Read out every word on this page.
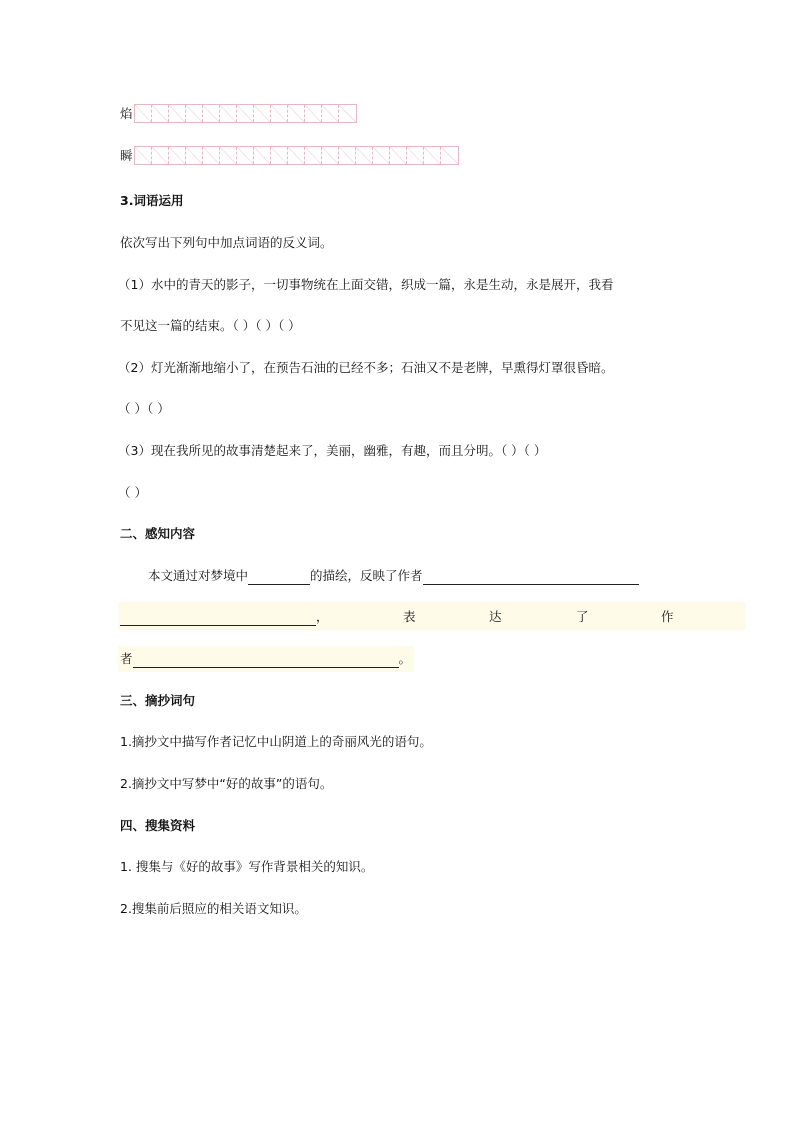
焰
瞬
3.词语运用
依次写出下列句中加点词语的反义词。
（1）水中的青天的影子，一切事物统在上面交错，织成一篇，永是生动，永是展开，我看
不见这一篇的结束。（ ）（ ）（ ）
（2）灯光渐渐地缩小了，在预告石油的已经不多；石油又不是老牌，早熏得灯罩很昏暗。
（ ）（ ）
（3）现在我所见的故事清楚起来了，美丽，幽雅，有趣，而且分明。（ ）（ ）
（ ）
二、感知内容
本文通过对梦境中	的描绘，反映了作者
，	表	达	了	作
者	。
三、摘抄词句
1.摘抄文中描写作者记忆中山阴道上的奇丽风光的语句。
2.摘抄文中写梦中“好的故事”的语句。
四、搜集资料
1. 搜集与《好的故事》写作背景相关的知识。
2.搜集前后照应的相关语文知识。
